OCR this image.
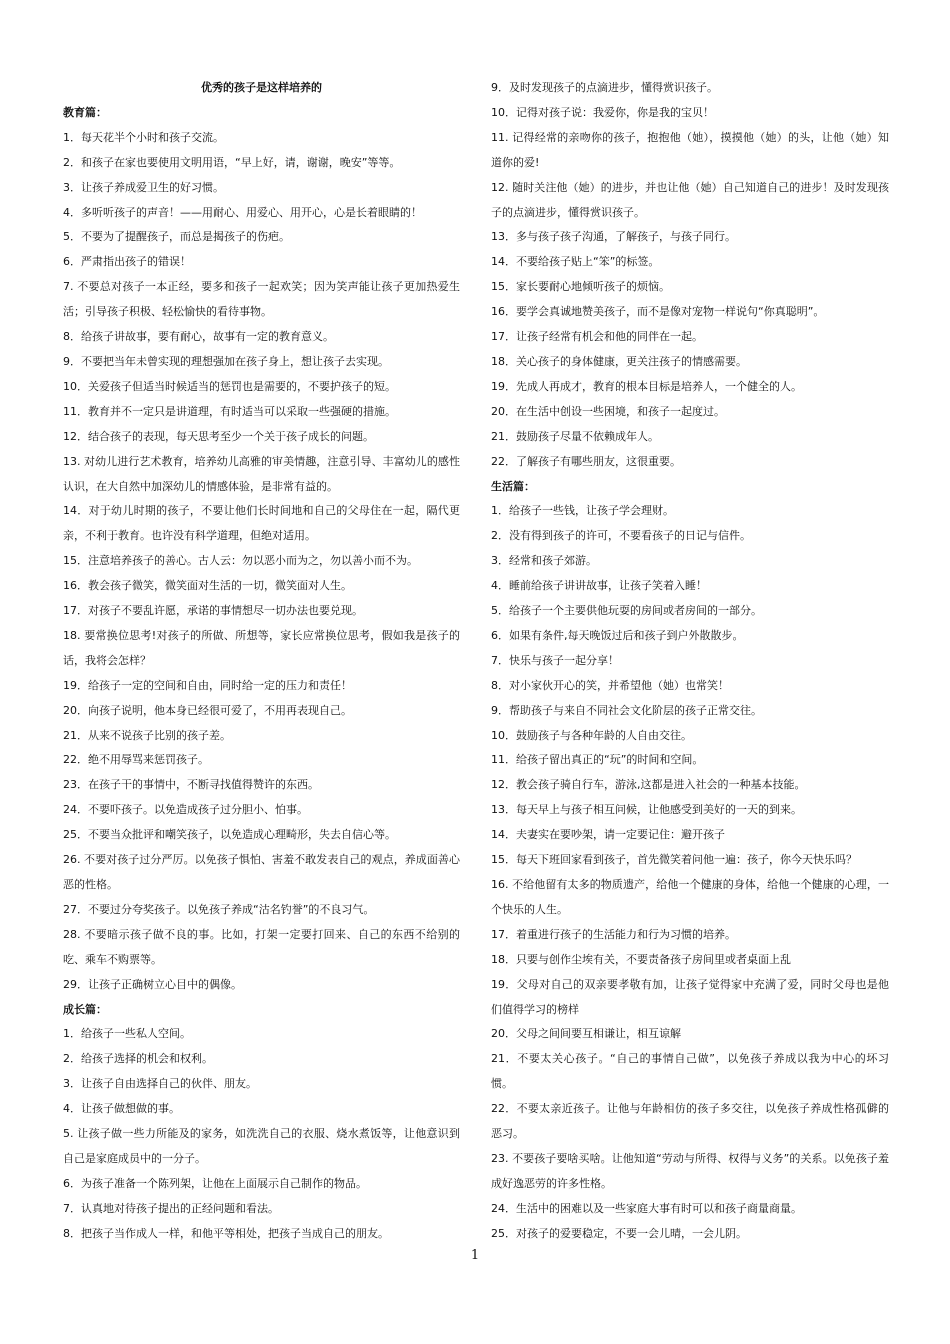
优秀的孩子是这样培养的

教育篇：

1．每天花半个小时和孩子交流。

2．和孩子在家也要使用文明用语，“早上好，请，谢谢，晚安”等等。

3．让孩子养成爱卫生的好习惯。

4．多听听孩子的声音！——用耐心、用爱心、用开心，心是长着眼睛的！

5．不要为了提醒孩子，而总是揭孩子的伤疤。

6．严肃指出孩子的错误！

7. 不要总对孩子一本正经，要多和孩子一起欢笑；因为笑声能让孩子更加热爱生活；引导孩子积极、轻松愉快的看待事物。

8．给孩子讲故事，要有耐心，故事有一定的教育意义。

9．不要把当年未曾实现的理想强加在孩子身上，想让孩子去实现。

10．关爱孩子但适当时候适当的惩罚也是需要的，不要护孩子的短。

11．教育并不一定只是讲道理，有时适当可以采取一些强硬的措施。

12．结合孩子的表现，每天思考至少一个关于孩子成长的问题。

13. 对幼儿进行艺术教育，培养幼儿高雅的审美情趣，注意引导、丰富幼儿的感性认识，在大自然中加深幼儿的情感体验，是非常有益的。

14．对于幼儿时期的孩子，不要让他们长时间地和自己的父母住在一起，隔代更亲，不利于教育。也许没有科学道理，但绝对适用。

15．注意培养孩子的善心。古人云：勿以恶小而为之，勿以善小而不为。

16．教会孩子微笑，微笑面对生活的一切，微笑面对人生。

17．对孩子不要乱许愿，承诺的事情想尽一切办法也要兑现。

18. 要常换位思考!对孩子的所做、所想等，家长应常换位思考，假如我是孩子的话，我将会怎样？

19．给孩子一定的空间和自由，同时给一定的压力和责任！

20．向孩子说明，他本身已经很可爱了，不用再表现自己。

21．从来不说孩子比别的孩子差。

22．绝不用辱骂来惩罚孩子。

23．在孩子干的事情中，不断寻找值得赞许的东西。

24．不要吓孩子。以免造成孩子过分胆小、怕事。

25．不要当众批评和嘲笑孩子，以免造成心理畸形，失去自信心等。

26. 不要对孩子过分严厉。以免孩子惧怕、害羞不敢发表自己的观点，养成面善心恶的性格。

27．不要过分夸奖孩子。以免孩子养成“沽名钓誉”的不良习气。

28. 不要暗示孩子做不良的事。比如，打架一定要打回来、自己的东西不给别的吃、乘车不购票等。

29．让孩子正确树立心目中的偶像。

成长篇：

1．给孩子一些私人空间。

2．给孩子选择的机会和权利。

3．让孩子自由选择自己的伙伴、朋友。

4．让孩子做想做的事。

5. 让孩子做一些力所能及的家务，如洗洗自己的衣服、烧水煮饭等，让他意识到自己是家庭成员中的一分子。

6．为孩子准备一个陈列架，让他在上面展示自己制作的物品。

7．认真地对待孩子提出的正经问题和看法。

8．把孩子当作成人一样，和他平等相处，把孩子当成自己的朋友。

9．及时发现孩子的点滴进步，懂得赏识孩子。

10．记得对孩子说：我爱你，你是我的宝贝！

11. 记得经常的亲吻你的孩子，抱抱他（她），摸摸他（她）的头，让他（她）知道你的爱!

12. 随时关注他（她）的进步，并也让他（她）自己知道自己的进步！及时发现孩子的点滴进步，懂得赏识孩子。

13．多与孩子孩子沟通，了解孩子，与孩子同行。

14．不要给孩子贴上“笨”的标签。

15．家长要耐心地倾听孩子的烦恼。

16．要学会真诚地赞美孩子，而不是像对宠物一样说句“你真聪明”。

17．让孩子经常有机会和他的同伴在一起。

18．关心孩子的身体健康，更关注孩子的情感需要。

19．先成人再成才，教育的根本目标是培养人，一个健全的人。

20．在生活中创设一些困境，和孩子一起度过。

21．鼓励孩子尽量不依赖成年人。

22．了解孩子有哪些朋友，这很重要。

生活篇：

1．给孩子一些钱，让孩子学会理财。

2．没有得到孩子的许可，不要看孩子的日记与信件。

3．经常和孩子郊游。

4．睡前给孩子讲讲故事，让孩子笑着入睡！

5．给孩子一个主要供他玩耍的房间或者房间的一部分。

6．如果有条件,每天晚饭过后和孩子到户外散散步。

7．快乐与孩子一起分享！

8．对小家伙开心的笑，并希望他（她）也常笑！

9．帮助孩子与来自不同社会文化阶层的孩子正常交往。

10．鼓励孩子与各种年龄的人自由交往。

11．给孩子留出真正的“玩”的时间和空间。

12．教会孩子骑自行车，游泳,这都是进入社会的一种基本技能。

13．每天早上与孩子相互问候，让他感受到美好的一天的到来。

14．夫妻实在要吵架，请一定要记住：避开孩子

15．每天下班回家看到孩子，首先微笑着问他一遍：孩子，你今天快乐吗？

16. 不给他留有太多的物质遗产，给他一个健康的身体，给他一个健康的心理，一个快乐的人生。

17．着重进行孩子的生活能力和行为习惯的培养。

18．只要与创作尘埃有关，不要责备孩子房间里或者桌面上乱

19．父母对自己的双亲要孝敬有加，让孩子觉得家中充满了爱，同时父母也是他们值得学习的榜样

20．父母之间间要互相谦让，相互谅解

21．不要太关心孩子。“自己的事情自己做”，以免孩子养成以我为中心的坏习惯。

22．不要太亲近孩子。让他与年龄相仿的孩子多交往，以免孩子养成性格孤僻的恶习。

23. 不要孩子要啥买啥。让他知道“劳动与所得、权得与义务”的关系。以免孩子羞成好逸恶劳的许多性格。

24．生活中的困难以及一些家庭大事有时可以和孩子商量商量。

25．对孩子的爱要稳定，不要一会儿晴，一会儿阴。

1
